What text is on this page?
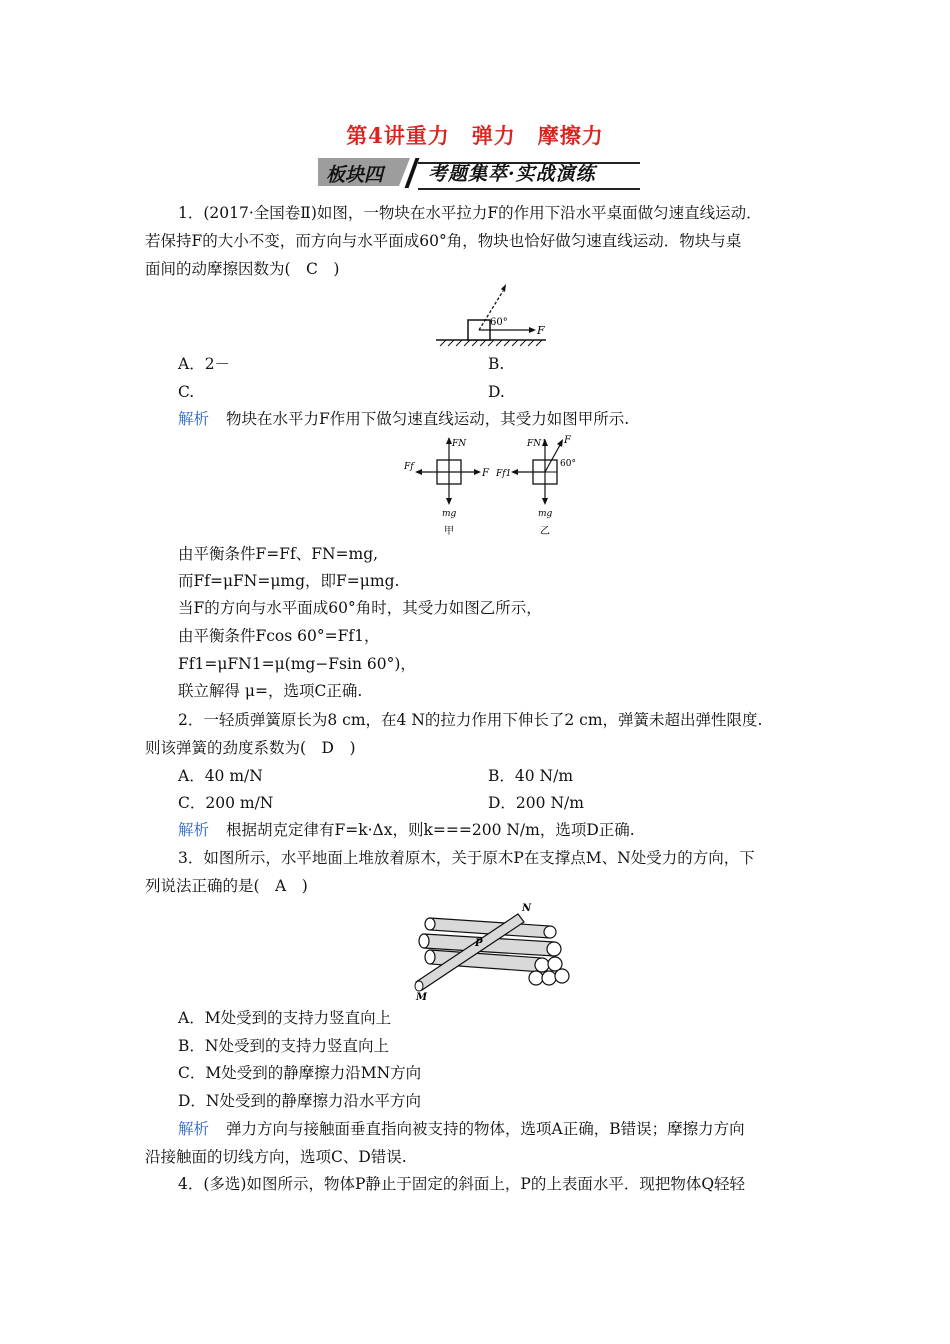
第4讲重力　弹力　摩擦力
板块四 考题集萃·实战演练
1．(2017·全国卷Ⅱ)如图，一物块在水平拉力F的作用下沿水平桌面做匀速直线运动．
若保持F的大小不变，而方向与水平面成60°角，物块也恰好做匀速直线运动．物块与桌
面间的动摩擦因数为(　C　)
60°
F
A．2－	B.
C.	D.
解析 物块在水平力F作用下做匀速直线运动，其受力如图甲所示.
FN
Ff
F
mg
甲
FN1 F
60°
Ff1
mg
乙
由平衡条件F=Ff、FN=mg,
而Ff=μFN=μmg，即F=μmg.
当F的方向与水平面成60°角时，其受力如图乙所示，
由平衡条件Fcos 60°=Ff1，
Ff1=μFN1=μ(mg−Fsin 60°)，
联立解得 μ=，选项C正确.
2．一轻质弹簧原长为8 cm，在4 N的拉力作用下伸长了2 cm，弹簧未超出弹性限度.
则该弹簧的劲度系数为(　D　)
A．40 m/N	B．40 N/m
C．200 m/N	D．200 N/m
解析 根据胡克定律有F=k·Δx，则k===200 N/m，选项D正确.
3．如图所示，水平地面上堆放着原木，关于原木P在支撑点M、N处受力的方向，下
列说法正确的是(　A　)
N
P
M
A．M处受到的支持力竖直向上
B．N处受到的支持力竖直向上
C．M处受到的静摩擦力沿MN方向
D．N处受到的静摩擦力沿水平方向
解析 弹力方向与接触面垂直指向被支持的物体，选项A正确，B错误；摩擦力方向
沿接触面的切线方向，选项C、D错误.
4．(多选)如图所示，物体P静止于固定的斜面上，P的上表面水平．现把物体Q轻轻
